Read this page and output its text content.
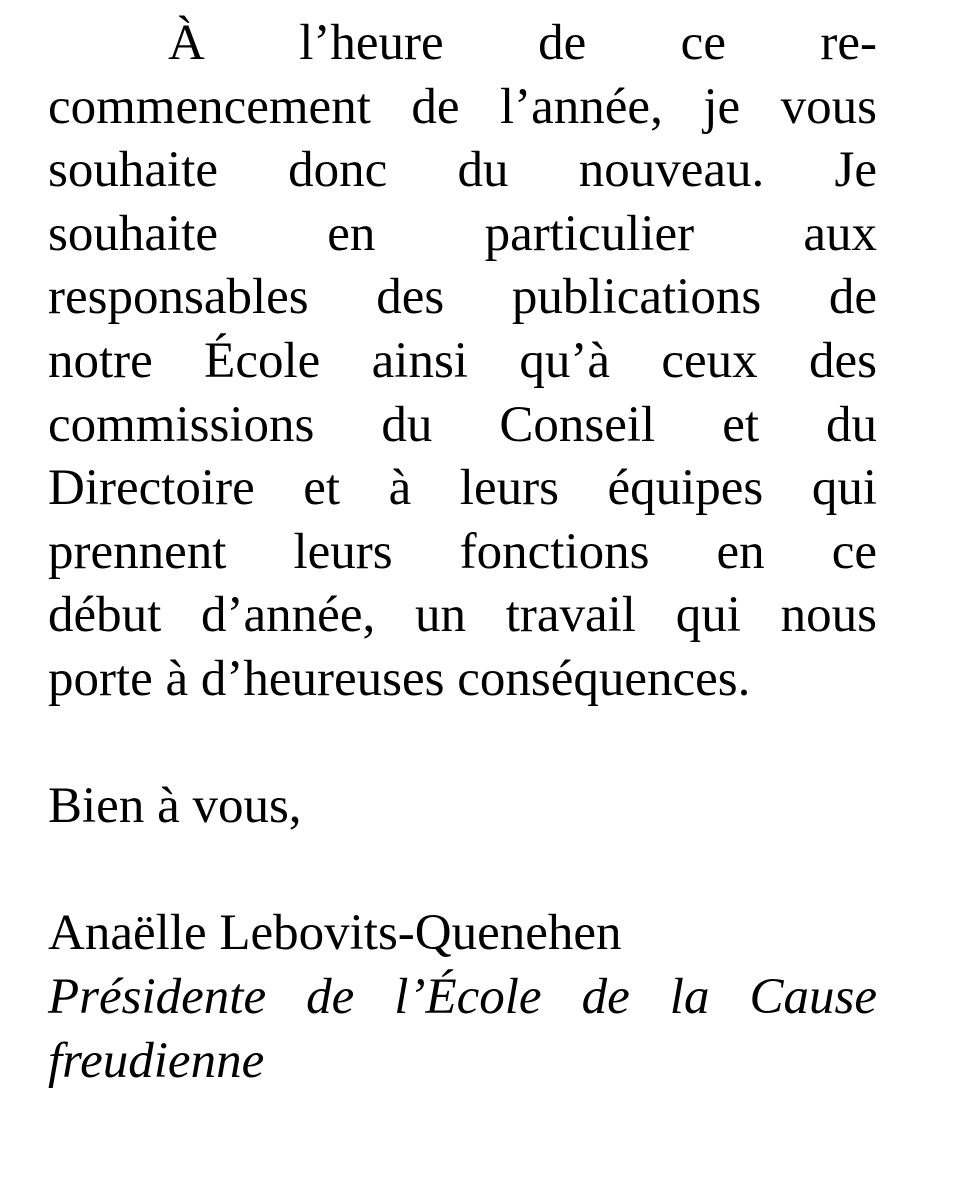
À l’heure de ce re-
commencement de l’année, je vous
souhaite donc du nouveau. Je
souhaite en particulier aux
responsables des publications de
notre École ainsi qu’à ceux des
commissions du Conseil et du
Directoire et à leurs équipes qui
prennent leurs fonctions en ce
début d’année, un travail qui nous
porte à d’heureuses conséquences.
Bien à vous,
Anaëlle Lebovits-Quenehen
Présidente de l’École de la Cause
freudienne
